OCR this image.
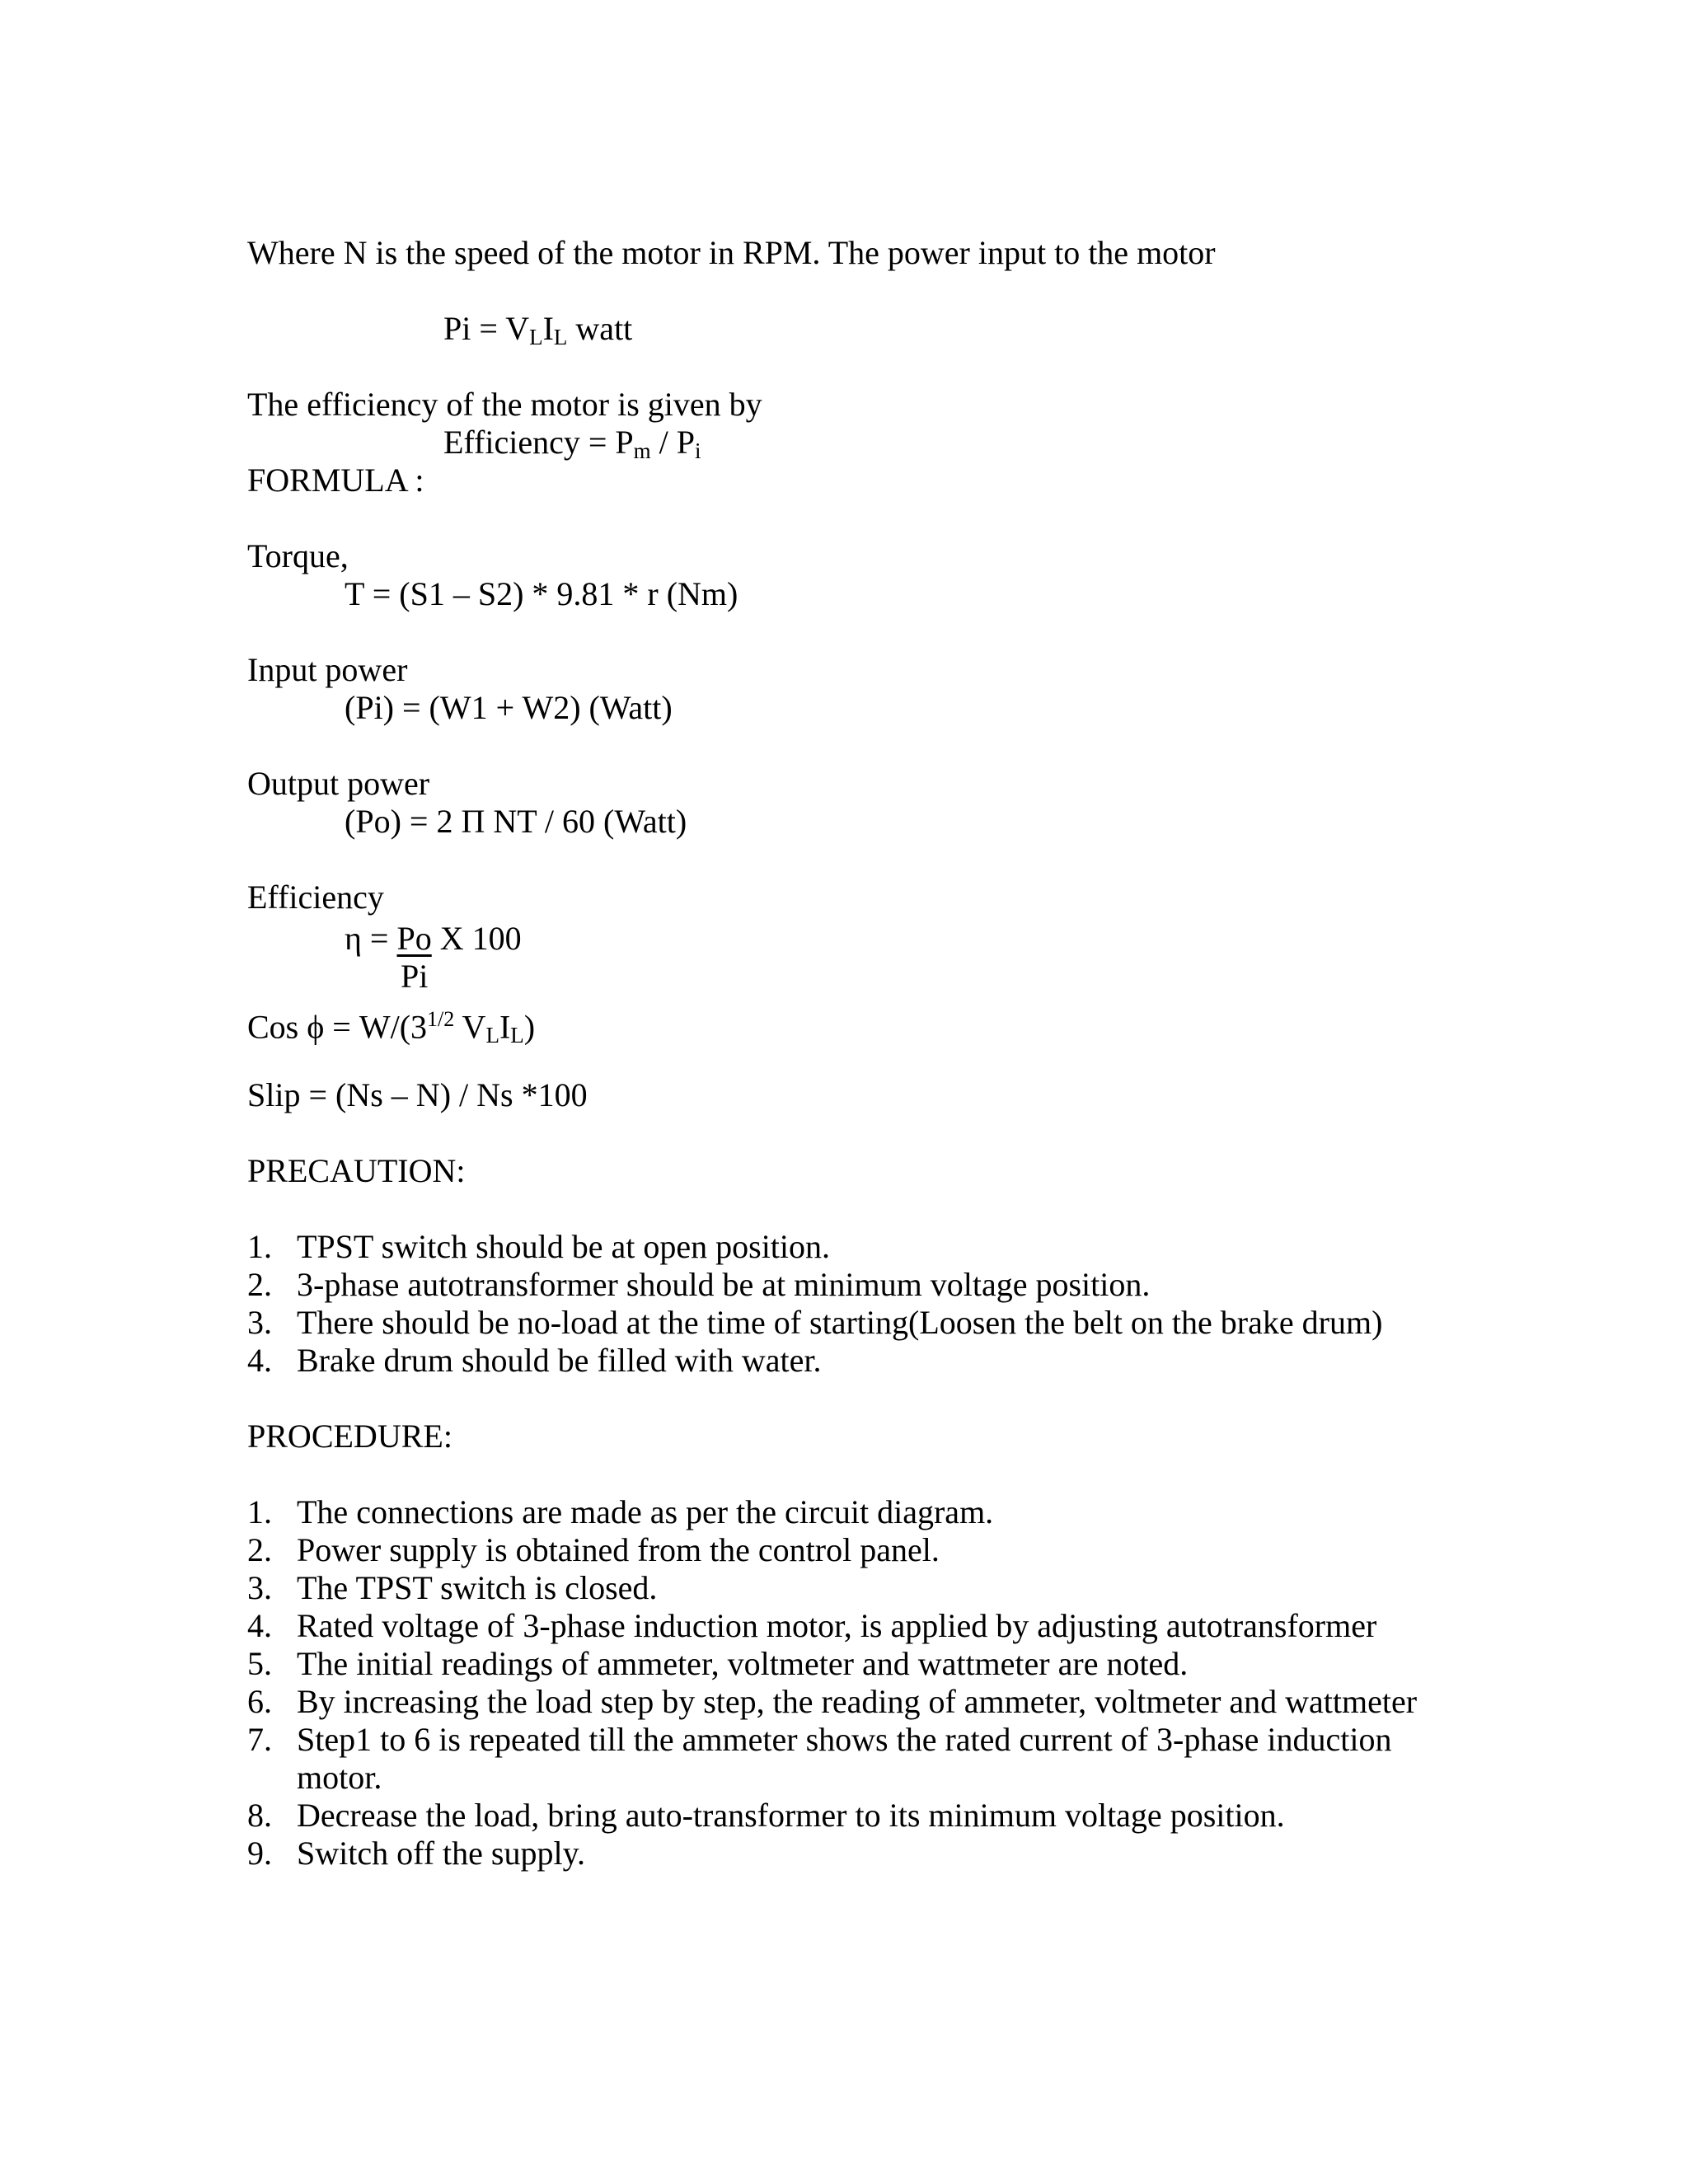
Where N is the speed of the motor in RPM. The power input to the motor
$Pi = V_LI_L$ watt
The efficiency of the motor is given by
Efficiency = $P_m / P_i$
FORMULA :
Torque,
T = (S1 – S2) * 9.81 * r (Nm)
Input power
(Pi) = (W1 + W2) (Watt)
Output power
(Po) = 2 Π NT / 60 (Watt)
Efficiency
η = Po X 100
Pi
Cos $\phi = W/(3^{1/2}$ $V_LI_L$)
Slip = (Ns – N) / Ns *100
PRECAUTION:
1. TPST switch should be at open position.
2. 3-phase autotransformer should be at minimum voltage position.
3. There should be no-load at the time of starting(Loosen the belt on the brake drum)
4. Brake drum should be filled with water.
PROCEDURE:
1. The connections are made as per the circuit diagram.
2. Power supply is obtained from the control panel.
3. The TPST switch is closed.
4. Rated voltage of 3-phase induction motor, is applied by adjusting autotransformer
5. The initial readings of ammeter, voltmeter and wattmeter are noted.
6. By increasing the load step by step, the reading of ammeter, voltmeter and wattmeter
7. Step1 to 6 is repeated till the ammeter shows the rated current of 3-phase induction motor.
8. Decrease the load, bring auto-transformer to its minimum voltage position.
9. Switch off the supply.
